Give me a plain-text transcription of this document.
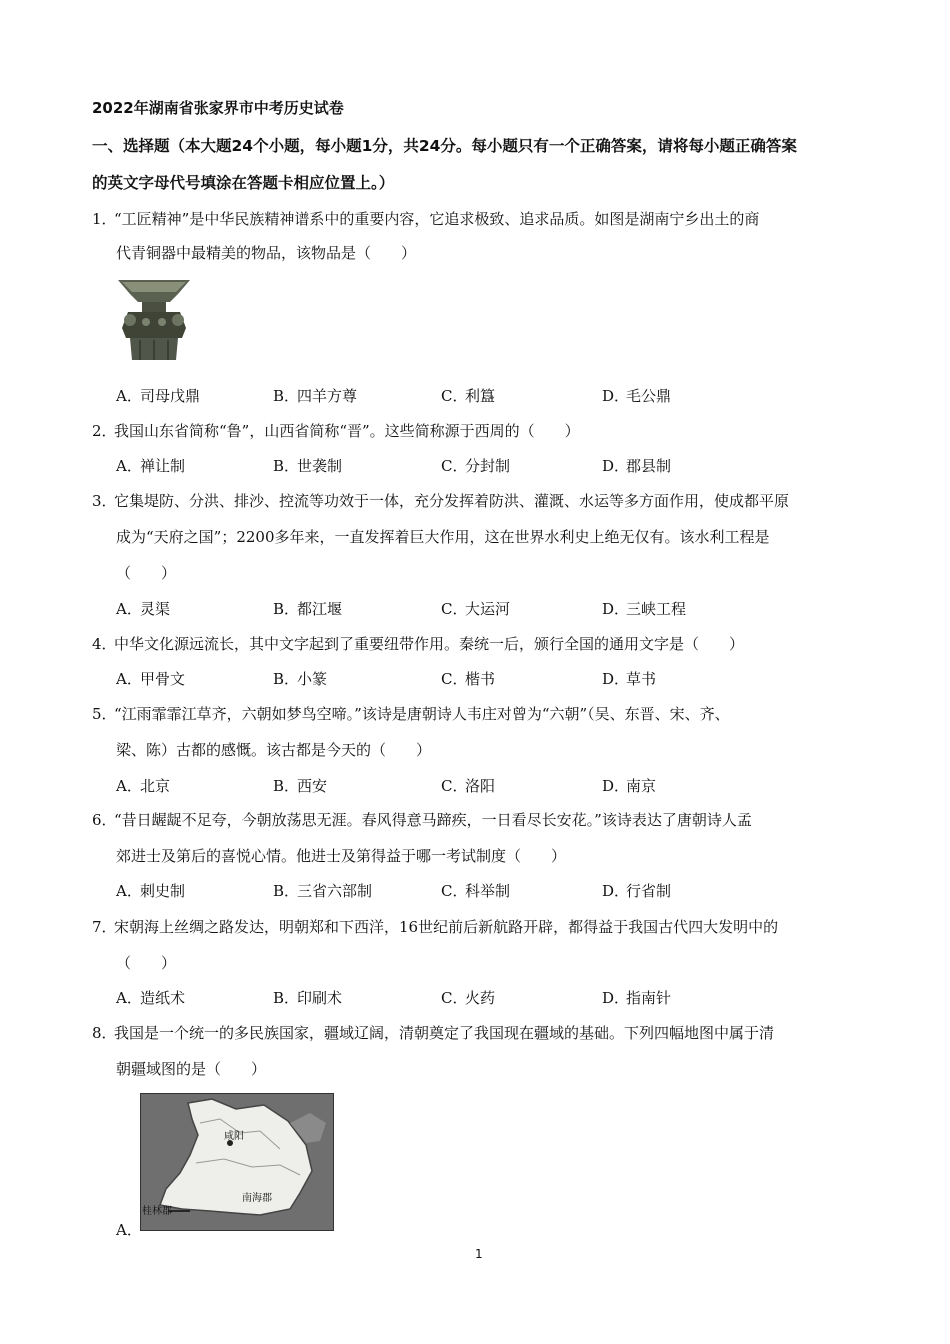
2022年湖南省张家界市中考历史试卷
一、选择题（本大题24个小题，每小题1分，共24分。每小题只有一个正确答案，请将每小题正确答案
的英文字母代号填涂在答题卡相应位置上。）
1．“工匠精神”是中华民族精神谱系中的重要内容，它追求极致、追求品质。如图是湖南宁乡出土的商
代青铜器中最精美的物品，该物品是（　　）
A．司母戊鼎	B．四羊方尊	C．利簋	D．毛公鼎
2．我国山东省简称“鲁”，山西省简称“晋”。这些简称源于西周的（　　）
A．禅让制	B．世袭制	C．分封制	D．郡县制
3．它集堤防、分洪、排沙、控流等功效于一体，充分发挥着防洪、灌溉、水运等多方面作用，使成都平原
成为“天府之国”；2200多年来，一直发挥着巨大作用，这在世界水利史上绝无仅有。该水利工程是
（　　）
A．灵渠	B．都江堰	C．大运河	D．三峡工程
4．中华文化源远流长，其中文字起到了重要纽带作用。秦统一后，颁行全国的通用文字是（　　）
A．甲骨文	B．小篆	C．楷书	D．草书
5．“江雨霏霏江草齐，六朝如梦鸟空啼。”该诗是唐朝诗人韦庄对曾为“六朝”（吴、东晋、宋、齐、
梁、陈）古都的感慨。该古都是今天的（　　）
A．北京	B．西安	C．洛阳	D．南京
6．“昔日龌龊不足夸，今朝放荡思无涯。春风得意马蹄疾，一日看尽长安花。”该诗表达了唐朝诗人孟
郊进士及第后的喜悦心情。他进士及第得益于哪一考试制度（　　）
A．刺史制	B．三省六部制	C．科举制	D．行省制
7．宋朝海上丝绸之路发达，明朝郑和下西洋，16世纪前后新航路开辟，都得益于我国古代四大发明中的
（　　）
A．造纸术	B．印刷术	C．火药	D．指南针
8．我国是一个统一的多民族国家，疆域辽阔，清朝奠定了我国现在疆域的基础。下列四幅地图中属于清
朝疆域图的是（　　）
咸阳
南海郡
桂林郡
A．
1
